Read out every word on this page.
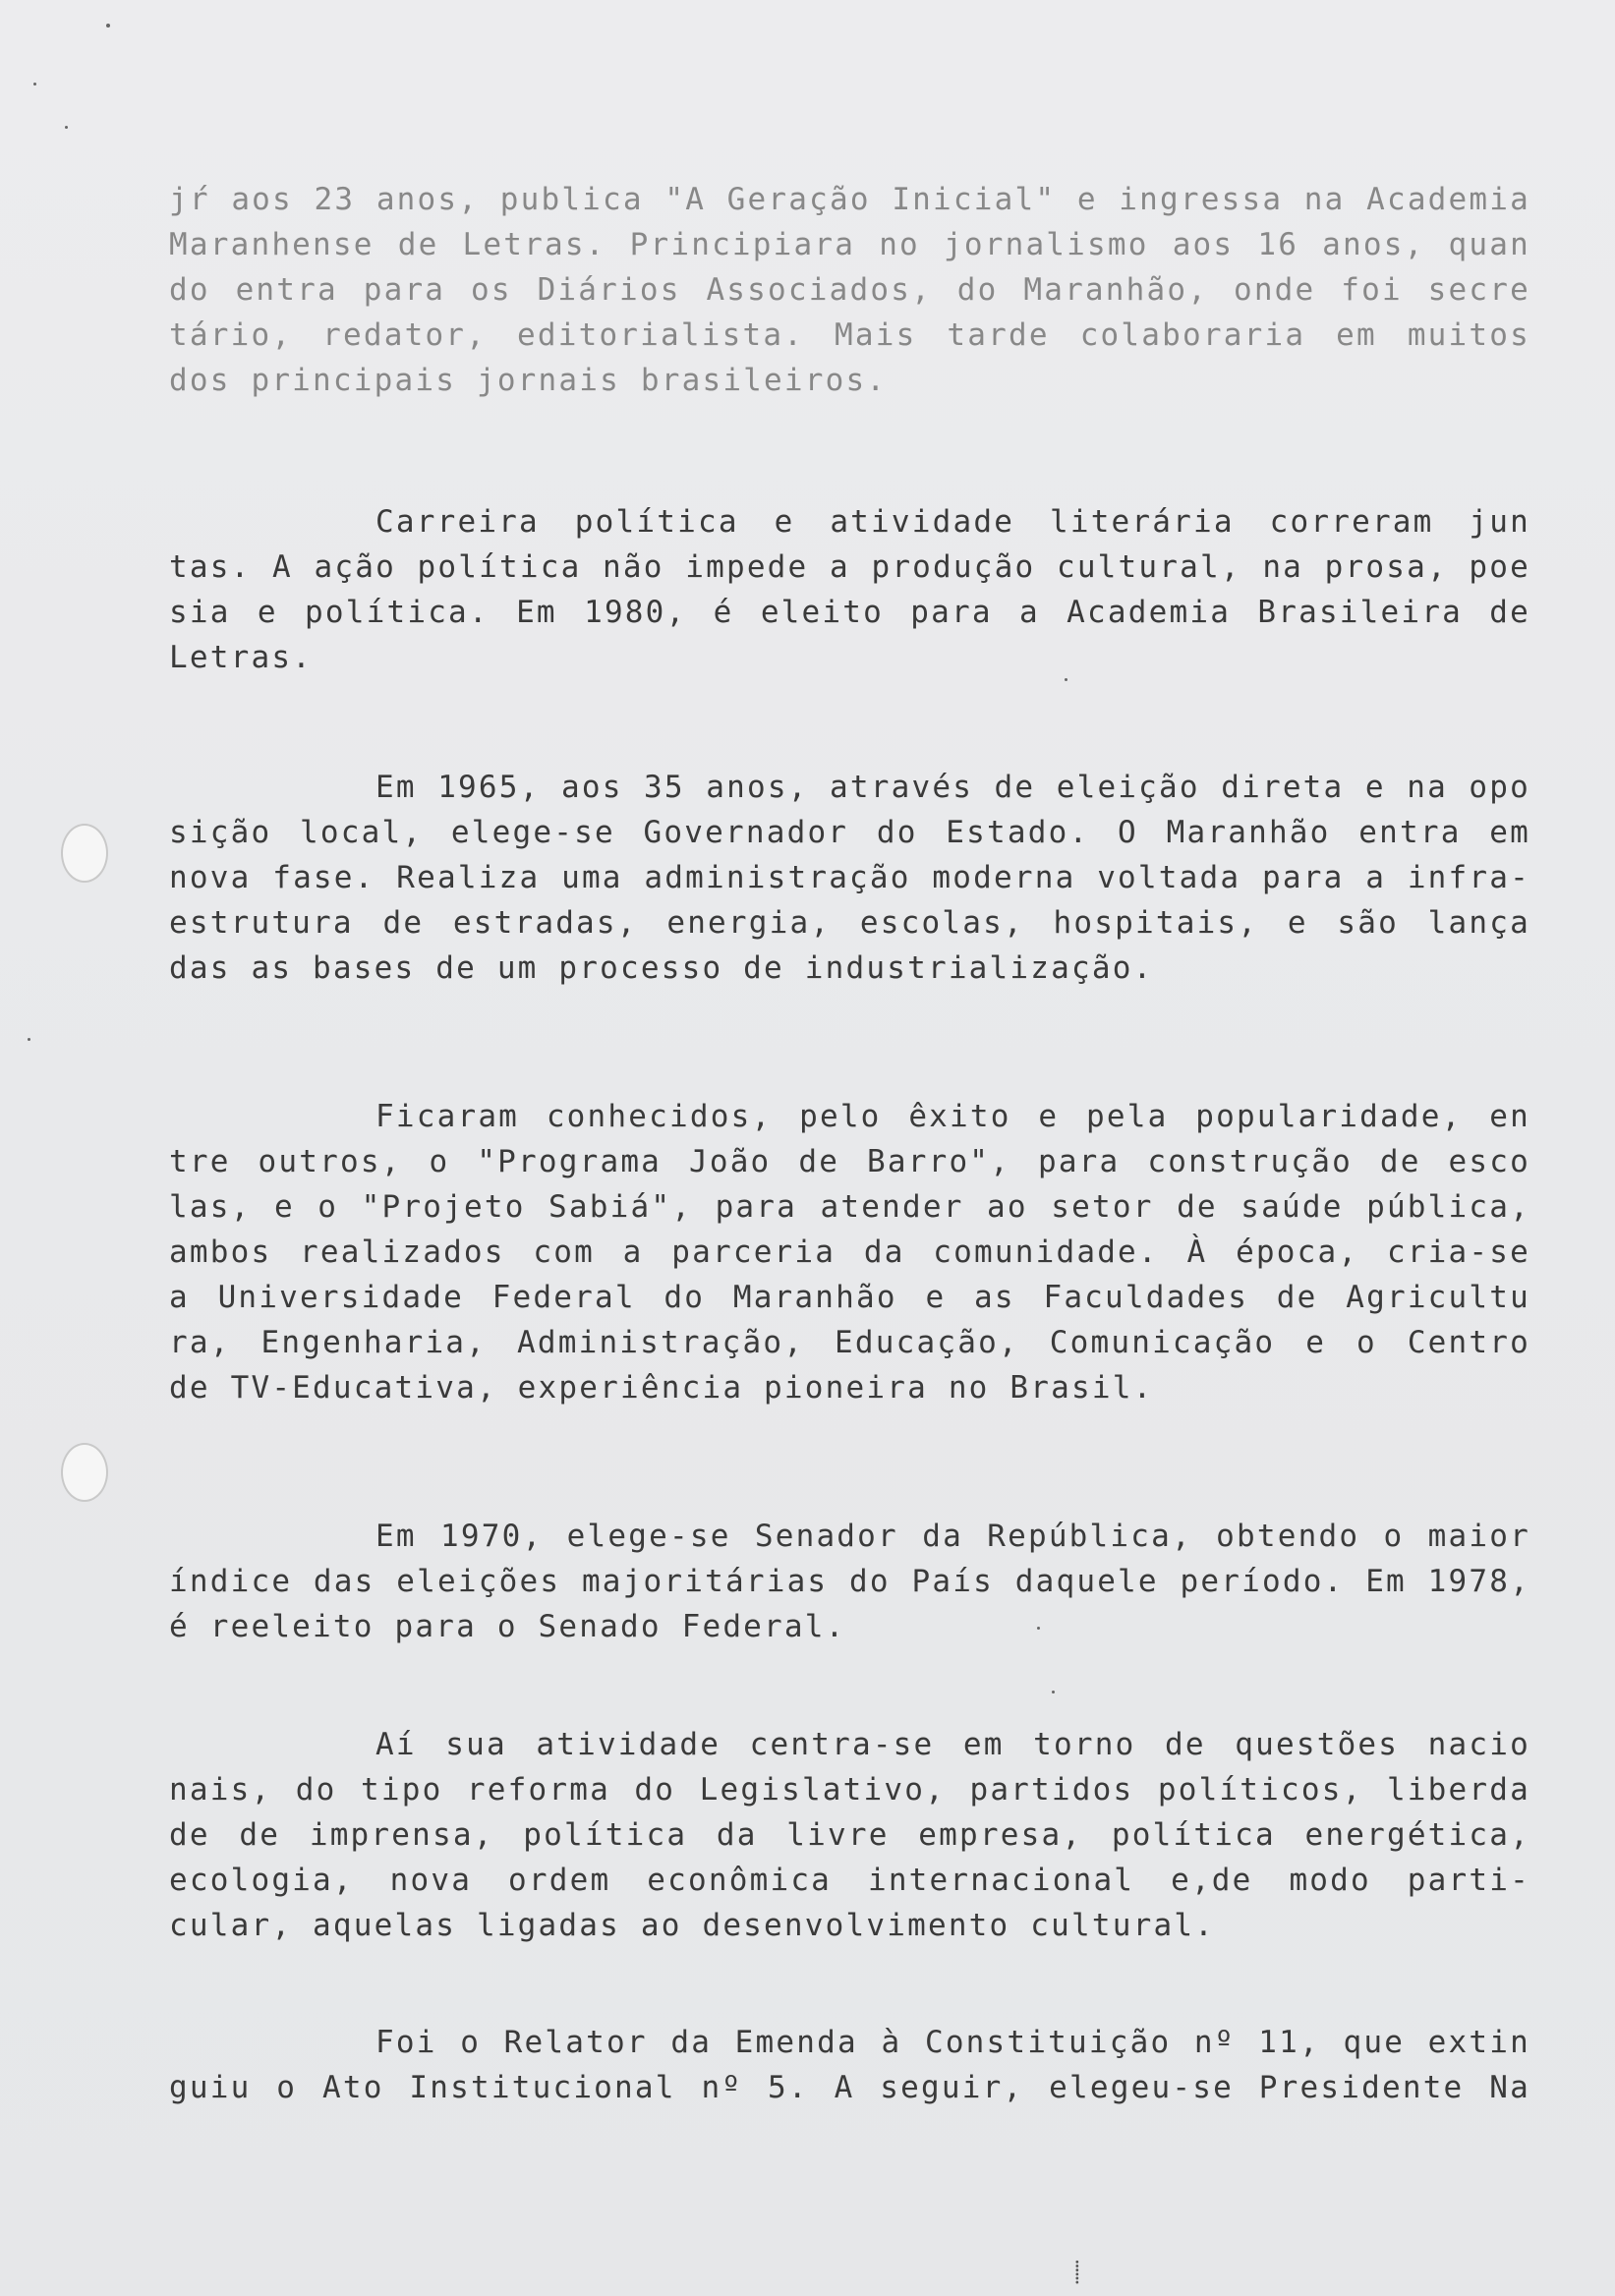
⸽
jŕ aos 23 anos, publica "A Geração Inicial" e ingressa na Academia
Maranhense de Letras. Principiara no jornalismo aos 16 anos, quan
do entra para os Diários Associados, do Maranhão, onde foi secre
tário, redator, editorialista. Mais tarde colaboraria em muitos
dos principais jornais brasileiros.
Carreira política e atividade literária correram jun
tas. A ação política não impede a produção cultural, na prosa, poe
sia e política. Em 1980, é eleito para a Academia Brasileira de
Letras.
Em 1965, aos 35 anos, através de eleição direta e na opo
sição local, elege-se Governador do Estado. O Maranhão entra em
nova fase. Realiza uma administração moderna voltada para a infra-
estrutura de estradas, energia, escolas, hospitais, e são lança
das as bases de um processo de industrialização.
Ficaram conhecidos, pelo êxito e pela popularidade, en
tre outros, o "Programa João de Barro", para construção de esco
las, e o "Projeto Sabiá", para atender ao setor de saúde pública,
ambos realizados com a parceria da comunidade. À época, cria-se
a Universidade Federal do Maranhão e as Faculdades de Agricultu
ra, Engenharia, Administração, Educação, Comunicação e o Centro
de TV-Educativa, experiência pioneira no Brasil.
Em 1970, elege-se Senador da República, obtendo o maior
índice das eleições majoritárias do País daquele período. Em 1978,
é reeleito para o Senado Federal.
Aí sua atividade centra-se em torno de questões nacio
nais, do tipo reforma do Legislativo, partidos políticos, liberda
de de imprensa, política da livre empresa, política energética,
ecologia, nova ordem econômica internacional e,de modo parti-
cular, aquelas ligadas ao desenvolvimento cultural.
Foi o Relator da Emenda à Constituição nº 11, que extin
guiu o Ato Institucional nº 5. A seguir, elegeu-se Presidente Na
